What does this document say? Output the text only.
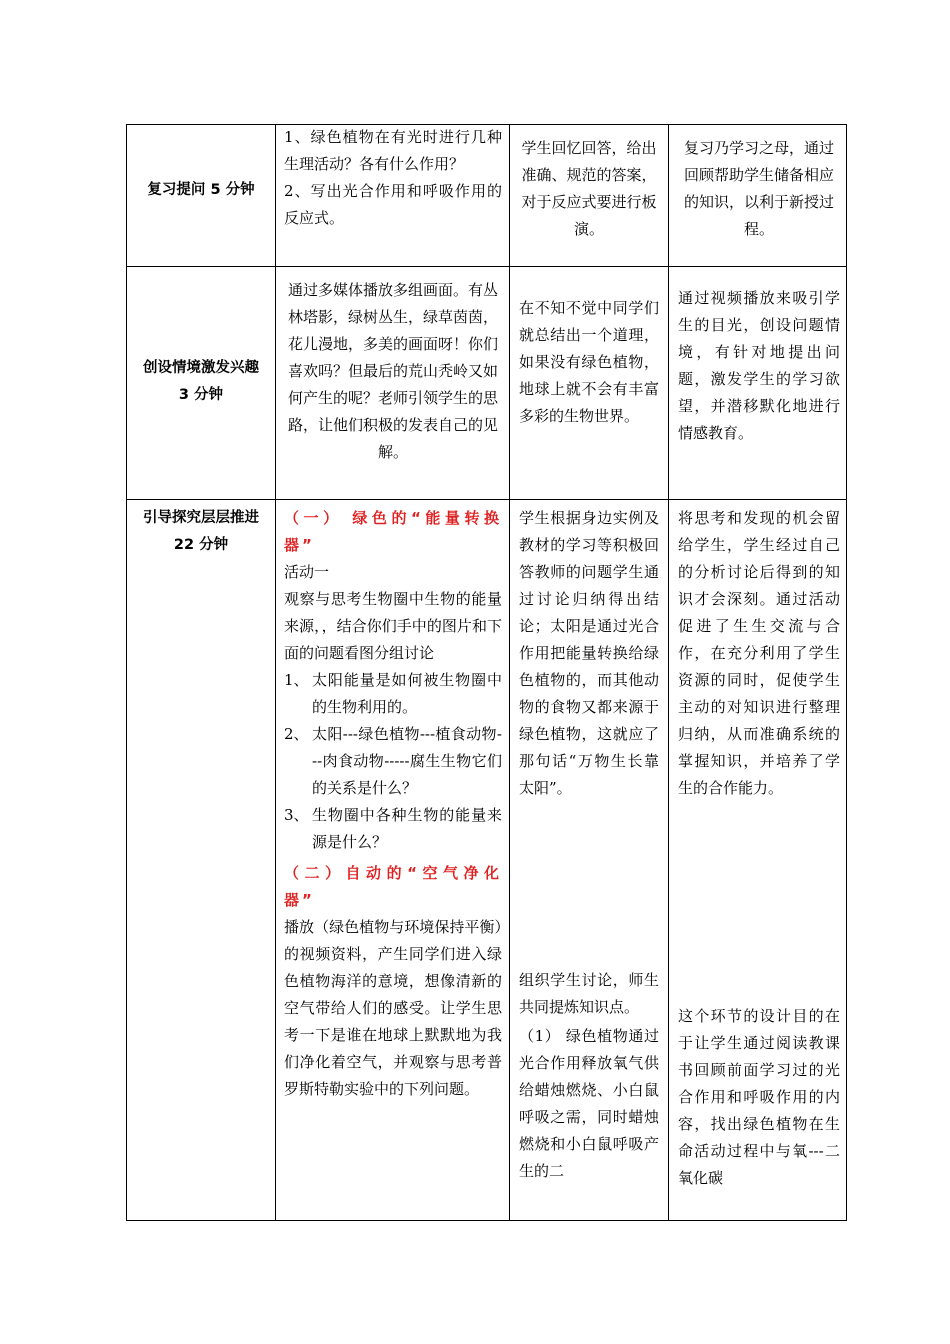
复习提问 5 分钟

1、绿色植物在有光时进行几种生理活动？各有什么作用？

2、写出光合作用和呼吸作用的反应式。

学生回忆回答，给出准确、规范的答案，对于反应式要进行板演。
复习乃学习之母，通过回顾帮助学生储备相应的知识，以利于新授过程。
创设情境激发兴趣 3 分钟
通过多媒体播放多组画面。有丛林塔影，绿树丛生，绿草茵茵，花儿漫地，多美的画面呀！你们喜欢吗？但最后的荒山秃岭又如何产生的呢？老师引领学生的思路，让他们积极的发表自己的见解。
在不知不觉中同学们就总结出一个道理，如果没有绿色植物，地球上就不会有丰富多彩的生物世界。
通过视频播放来吸引学生的目光，创设问题情境，有针对地提出问题，激发学生的学习欲望，并潜移默化地进行情感教育。
引导探究层层推进 22 分钟

（一） 绿色的“能量转换器”

活动一

观察与思考生物圈中生物的能量来源，，结合你们手中的图片和下面的问题看图分组讨论

1、 太阳能量是如何被生物圈中的生物利用的。
2、 太阳---绿色植物---植食动物---肉食动物-----腐生生物它们的关系是什么？
3、 生物圈中各种生物的能量来源是什么？

（二）自动的“空气净化器”

播放（绿色植物与环境保持平衡）的视频资料，产生同学们进入绿色植物海洋的意境，想像清新的空气带给人们的感受。让学生思考一下是谁在地球上默默地为我们净化着空气，并观察与思考普罗斯特勒实验中的下列问题。

学生根据身边实例及教材的学习等积极回答教师的问题学生通过讨论归纳得出结论；太阳是通过光合作用把能量转换给绿色植物的，而其他动物的食物又都来源于绿色植物，这就应了那句话“万物生长靠太阳”。

组织学生讨论，师生共同提炼知识点。

（1） 绿色植物通过光合作用释放氧气供给蜡烛燃烧、小白鼠呼吸之需，同时蜡烛燃烧和小白鼠呼吸产生的二

将思考和发现的机会留给学生，学生经过自己的分析讨论后得到的知识才会深刻。通过活动促进了生生交流与合作，在充分利用了学生资源的同时，促使学生主动的对知识进行整理归纳，从而准确系统的掌握知识，并培养了学生的合作能力。
这个环节的设计目的在于让学生通过阅读教课书回顾前面学习过的光合作用和呼吸作用的内容，找出绿色植物在生命活动过程中与氧---二氧化碳
